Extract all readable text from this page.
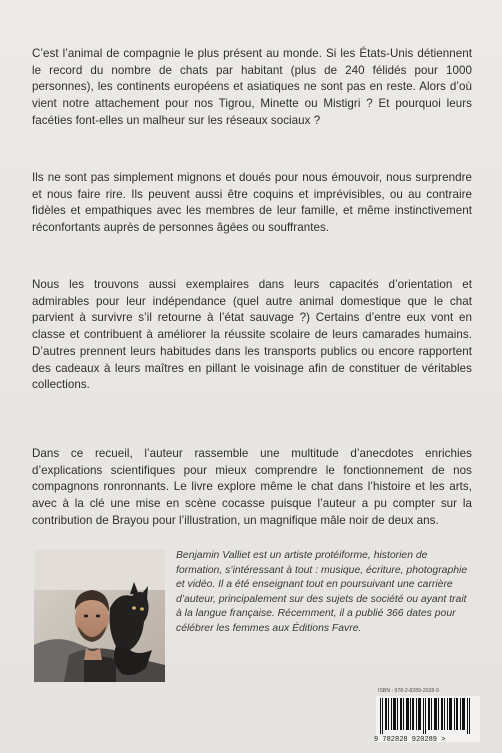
C’est l’animal de compagnie le plus présent au monde. Si les États-Unis détiennent le record du nombre de chats par habitant (plus de 240 félidés pour 1000 personnes), les continents européens et asiatiques ne sont pas en reste. Alors d’où vient notre attachement pour nos Tigrou, Minette ou Mistigri ? Et pourquoi leurs facéties font-elles un malheur sur les réseaux sociaux ?

Ils ne sont pas simplement mignons et doués pour nous émouvoir, nous surprendre et nous faire rire. Ils peuvent aussi être coquins et imprévisibles, ou au contraire fidèles et empathiques avec les membres de leur famille, et même instinctivement réconfortants auprès de personnes âgées ou souffrantes.

Nous les trouvons aussi exemplaires dans leurs capacités d’orientation et admirables pour leur indépendance (quel autre animal domestique que le chat parvient à survivre s’il retourne à l’état sauvage ?) Certains d’entre eux vont en classe et contribuent à améliorer la réussite scolaire de leurs camarades humains. D’autres prennent leurs habitudes dans les transports publics ou encore rapportent des cadeaux à leurs maîtres en pillant le voisinage afin de constituer de véritables collections.

Dans ce recueil, l’auteur rassemble une multitude d’anecdotes enrichies d’explications scientifiques pour mieux comprendre le fonctionnement de nos compagnons ronronnants. Le livre explore même le chat dans l’histoire et les arts, avec à la clé une mise en scène cocasse puisque l’auteur a pu compter sur la contribution de Brayou pour l’illustration, un magnifique mâle noir de deux ans.

Benjamin Valliet est un artiste protéiforme, historien de formation, s’intéressant à tout : musique, écriture, photographie et vidéo. Il a été enseignant tout en poursuivant une carrière d’auteur, principalement sur des sujets de société ou ayant trait à la langue française. Récemment, il a publié 366 dates pour célébrer les femmes aux Éditions Favre.

ISBN : 978-2-8289-2028-9
9 782828 920289 >
